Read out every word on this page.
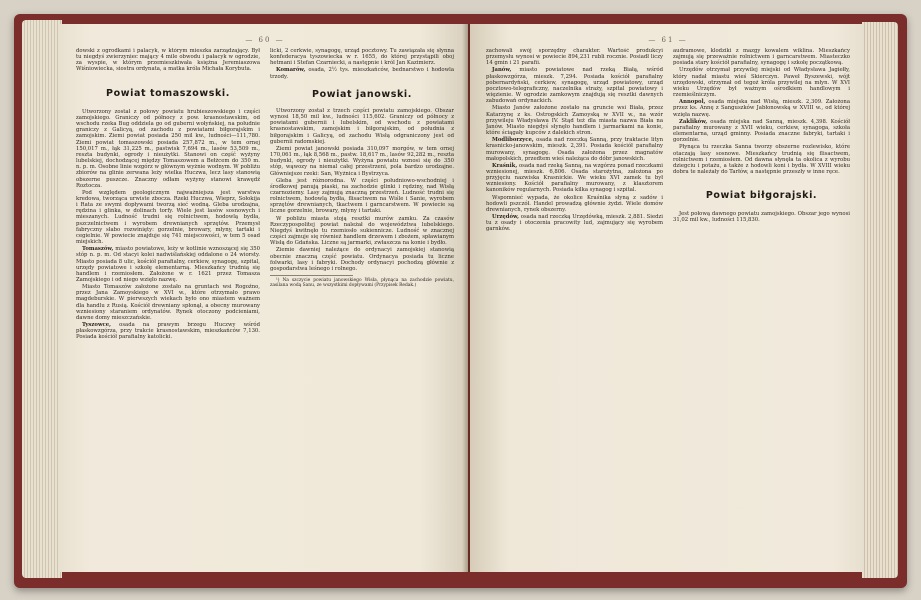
— 60 —

dowski z ogrodkami i palacyk, w którym mieszka zarządzający. Był tu niegdyś zwierzyniec mający 4 mile obwodu i pałacyk w ogrodzie, za wyspie, w którym przemieszkiwała księżna Jeremiaszowa Wiśniowiecka, siostra ordynata, a matka króla Michała Korybuta.

Powiat tomaszowski.

Utworzony został z połowy powiatu hrubieszowskiego i części zamojskiego. Graniczy od północy z pow. krasnostawskim, od wschodu rzeka Bug oddziela go od guberni wołyńskiej, na południe graniczy z Galicyą, od zachodu z powiatami biłgorajskim i zamojskim. Ziemi powiat posiada 250 mil kw., ludności—111,780. Ziemi powiat tomaszowski posiada 257,872 m., w tem ornej 150,017 m., łąk 31,225 m., pastwisk 7,694 m., lasów 53,509 m., reszta budynki, ogrody i nieużytki. Stanowi on część wyżyny lubelskiej, dochodzącej między Tomaszowem a Bełżcem do 350 m. n. p. m. Osobne linie wzgórz w głównym wyżnie wodnym. W pobliżu zbiorów na glinie zerwana leży wielka Huczwa, lecz lasy stanowią obszerne puszcze. Znaczny odłam wyżyny stanowi krawędź Roztocza.

Pod względem geologicznym najważniejsza jest warstwa kredowa, tworząca urwiste zbocza. Rzeki Huczwa, Wieprz, Sołokija i Rata ze swymi dopływami tworzą sieć wodną. Gleba urodzajna, rędzina i glinka, w dolinach torfy. Wiele jest lasów sosnowych i mieszanych. Ludność trudni się rolnictwem, hodowlą bydła, pszczelnictwem i wyrobem drewnianych sprzętów. Przemysł fabryczny słabo rozwinięty: gorzelnie, browary, młyny, tartaki i cegielnie. W powiecie znajduje się 741 miejscowości, w tem 5 osad miejskich.

Tomaszów, miasto powiatowe, leży w kotlinie wznoszącej się 350 stóp n. p. m. Od stacyi kolei nadwiślańskiej oddalone o 24 wiorsty. Miasto posiada 8 ulic, kościół parafialny, cerkiew, synagogę, szpital, urzędy powiatowe i szkołę elementarną. Mieszkańcy trudnią się handlem i rzemiosłem. Założone w r. 1621 przez Tomasza Zamojskiego i od niego wzięło nazwę.

Miasto Tomaszów założone zostało na gruntach wsi Rogoźno, przez Jana Zamoyskiego w XVI w., które otrzymało prawo magdeburskie. W pierwszych wiekach było ono miastem ważnem dla handlu z Rusią. Kościół drewniany spłonął, a obecny murowany wzniesiony staraniem ordynatów. Rynek otoczony podcieniami, dawne domy mieszczańskie.

Tyszowce, osada na prawym brzegu Huczwy wśród płaskowzgórza, przy trakcie krasnostawskim, mieszkańców 7,130. Posiada kościół parafialny katolicki.

licki, 2 cerkwie, synagogę, urząd pocztowy. Tu zawiązała się słynna konfederacya tyszowiecka w r. 1655, do której przystąpili oboj hetmani i Stefan Czarniecki, a następnie i król Jan Kazimierz.

Komarów, osada, 2½ tys. mieszkańców, bednarstwo i hodowla trzody.

Powiat janowski.

Utworzony został z trzech części powiatu zamojskiego. Obszar wynosi 18,50 mil kw., ludności 115,602. Graniczy od północy z powiatami gubernii i lubelskim, od wschodu z powiatami krasnostawskim, zamojskim i biłgorajskim, od południa z biłgorajskim i Galicyą, od zachodu Wisłą odgraniczony jest od gubernii radomskiej.

Ziemi powiat janowski posiada 310,097 morgów, w tem ornej 170,061 m., łąk 8,568 m., pastw. 18,617 m., lasów 92,282 m., reszta budynki, ogrody i nieużytki. Wyżyna powiatu wznosi się do 350 stóp, wąwozy na niemal całej przestrzeni, pola bardzo urodzajne. Główniejsze rzeki: San, Wyżnica i Bystrzyca.

Gleba jest różnorodna. W części południowo-wschodniej i środkowej panują piaski, na zachodzie glinki i rędziny, nad Wisłą czarnoziemy. Lasy zajmują znaczną przestrzeń. Ludność trudni się rolnictwem, hodowlą bydła, flisactwem na Wiśle i Sanie, wyrobem sprzętów drewnianych, tkactwem i garncarstwem. W powiecie są liczne gorzelnie, browary, młyny i tartaki.

W pobliżu miasta stoją resztki murów zamku. Za czasów Rzeczypospolitej powiat należał do województwa lubelskiego. Niegdyś kwitnęło tu rzemiosło sukiennicze. Ludność w znacznej części zajmuje się również handlem drzewem i zbożem, spławianym Wisłą do Gdańska. Liczne są jarmarki, zwłaszcza na konie i bydło.

Ziemie dawniej należące do ordynacyi zamojskiej stanowią obecnie znaczną część powiatu. Ordynacya posiada tu liczne folwarki, lasy i fabryki. Dochody ordynacyi pochodzą głównie z gospodarstwa leśnego i rolnego.

¹) Na szczycie powiatu janowskiego Wisła, płynąca na zachodzie powiatu, zasilana wodą Sanu, ze wszystkimi dopływami (Przypisek Redak.)

— 61 —

zachowali swój sporzędny charakter. Wartość produkcyi przemysłu wynosi w powiecie 894,231 rubli rocznie. Posiadł liczy 14 gmin i 21 parafii.

Janów, miasto powiatowe nad rzeką Białą, wśród płaskowzgórza, mieszk. 7,294. Posiada kościół parafialny pobernardyński, cerkiew, synagogę, urząd powiatowy, urząd pocztowo-telegraficzny, naczelnika straży, szpital powiatowy i więzienie. W ogrodzie zamkowym znajdują się resztki dawnych zabudowań ordynackich.

Miasto Janów założone zostało na gruncie wsi Biała, przez Katarzynę z ks. Ostrogskich Zamoyską w XVII w., na wzór przywileju Władysława IV. Stąd też dla miasta nazwa Biała na Janów. Miasto niegdyś słynęło handlem i jarmarkami na konie, które ściągały kupców z dalekich stron.

Modliborzyce, osada nad rzeczką Sanną, przy traktacie lityn krasnicko-janowskim, mieszk. 2,391. Posiada kościół parafialny murowany, synagogę. Osada założona przez magnatów małopolskich, przedtem wieś należąca do dóbr janowskich.

Kraśnik, osada nad rzeką Sanną, na wzgórzu ponad rzeczkami wzniesionej, mieszk. 6,806. Osada starożytna, założona po przyjęciu nazwiska Krasnickie. We wieku XVI zamek tu był wzniesiony. Kościół parafialny murowany, z klasztorem kanoników regularnych. Posiada kilka synagog i szpital.

Wspomnieć wypada, że okolice Kraśnika słyną z sadów i hodowli pszczół. Handel prowadzą głównie żydzi. Wiele domów drewnianych, rynek obszerny.

Urzędów, osada nad rzeczką Urzędówką, mieszk. 2,881. Siedzi tu z osady i otoczenia pracowity lud, zajmujący się wyrobem garnków.

audramowe, klodziki z mazgy kowalem wiklina. Mieszkańcy zajmują się przeważnie rolnictwem i garncarstwem. Miasteczko posiada stary kościół parafialny, synagogę i szkołę początkową.

Urzędów otrzymał przywilej miejski od Władysława Jagiełły, który nadał miastu wieś Skierczyn. Paweł Byszewski, wójt urzędowski, otrzymał od tegoż króla przywilej na młyn. W XVI wieku Urzędów był ważnym ośrodkiem handlowym i rzemieślniczym.

Annopol, osada miejska nad Wisłą, mieszk. 2,309. Założona przez ks. Annę z Sanguszków Jabłonowską w XVIII w., od której wzięła nazwę.

Zaklików, osada miejska nad Sanną, mieszk. 4,398. Kościół parafialny murowany z XVII wieku, cerkiew, synagoga, szkoła elementarna, urząd gminny. Posiada znaczne fabryki, tartaki i gorzelnie.

Płynąca tu rzeczka Sanna tworzy obszerne rozlewisko, które otaczają lasy sosnowe. Mieszkańcy trudnią się flisactwem, rolnictwem i rzemiosłem. Od dawna słynęła ta okolica z wyrobu dziegciu i potażu, a także z hodowli koni i bydła. W XVIII wieku dobra te należały do Tarłów, a następnie przeszły w inne ręce.

Powiat biłgorajski.

Jest połową dawnego powiatu zamojskiego. Obszar jego wynosi 31,02 mil kw., ludności 115,830.
